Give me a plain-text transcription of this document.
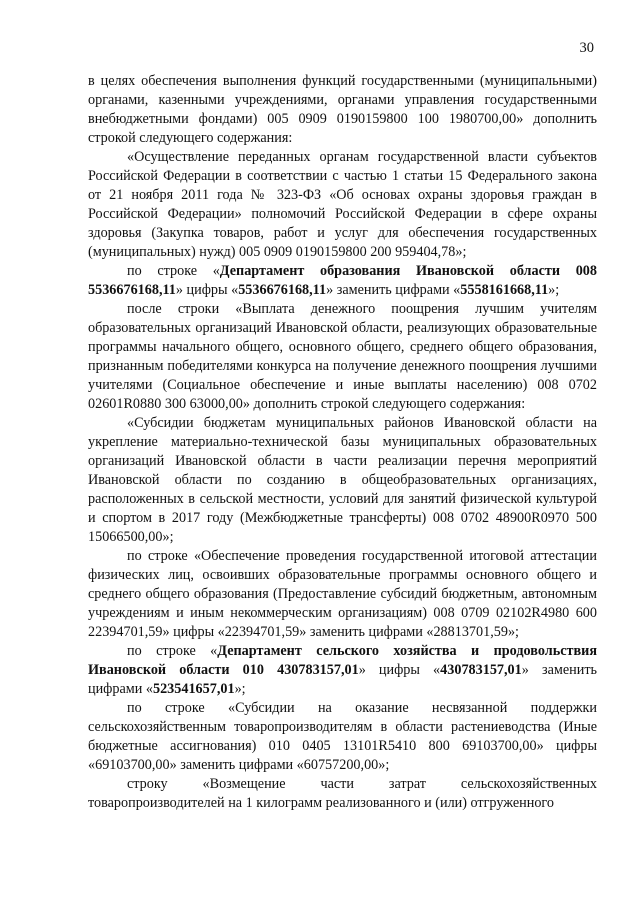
30

в целях обеспечения выполнения функций государственными (муниципальными) органами, казенными учреждениями, органами управления государственными внебюджетными фондами) 005 0909 0190159800 100 1980700,00» дополнить строкой следующего содержания:

«Осуществление переданных органам государственной власти субъектов Российской Федерации в соответствии с частью 1 статьи 15 Федерального закона от 21 ноября 2011 года № 323-ФЗ «Об основах охраны здоровья граждан в Российской Федерации» полномочий Российской Федерации в сфере охраны здоровья (Закупка товаров, работ и услуг для обеспечения государственных (муниципальных) нужд) 005 0909 0190159800 200 959404,78»;

по строке «Департамент образования Ивановской области 008 5536676168,11» цифры «5536676168,11» заменить цифрами «5558161668,11»;

после строки «Выплата денежного поощрения лучшим учителям образовательных организаций Ивановской области, реализующих образовательные программы начального общего, основного общего, среднего общего образования, признанным победителями конкурса на получение денежного поощрения лучшими учителями (Социальное обеспечение и иные выплаты населению) 008 0702 02601R0880 300 63000,00» дополнить строкой следующего содержания:

«Субсидии бюджетам муниципальных районов Ивановской области на укрепление материально-технической базы муниципальных образовательных организаций Ивановской области в части реализации перечня мероприятий Ивановской области по созданию в общеобразовательных организациях, расположенных в сельской местности, условий для занятий физической культурой и спортом в 2017 году (Межбюджетные трансферты) 008 0702 48900R0970 500 15066500,00»;

по строке «Обеспечение проведения государственной итоговой аттестации физических лиц, освоивших образовательные программы основного общего и среднего общего образования (Предоставление субсидий бюджетным, автономным учреждениям и иным некоммерческим организациям) 008 0709 02102R4980 600 22394701,59» цифры «22394701,59» заменить цифрами «28813701,59»;

по строке «Департамент сельского хозяйства и продовольствия Ивановской области 010 430783157,01» цифры «430783157,01» заменить цифрами «523541657,01»;

по строке «Субсидии на оказание несвязанной поддержки сельскохозяйственным товаропроизводителям в области растениеводства (Иные бюджетные ассигнования) 010 0405 13101R5410 800 69103700,00» цифры «69103700,00» заменить цифрами «60757200,00»;

строку «Возмещение части затрат сельскохозяйственных товаропроизводителей на 1 килограмм реализованного и (или) отгруженного
